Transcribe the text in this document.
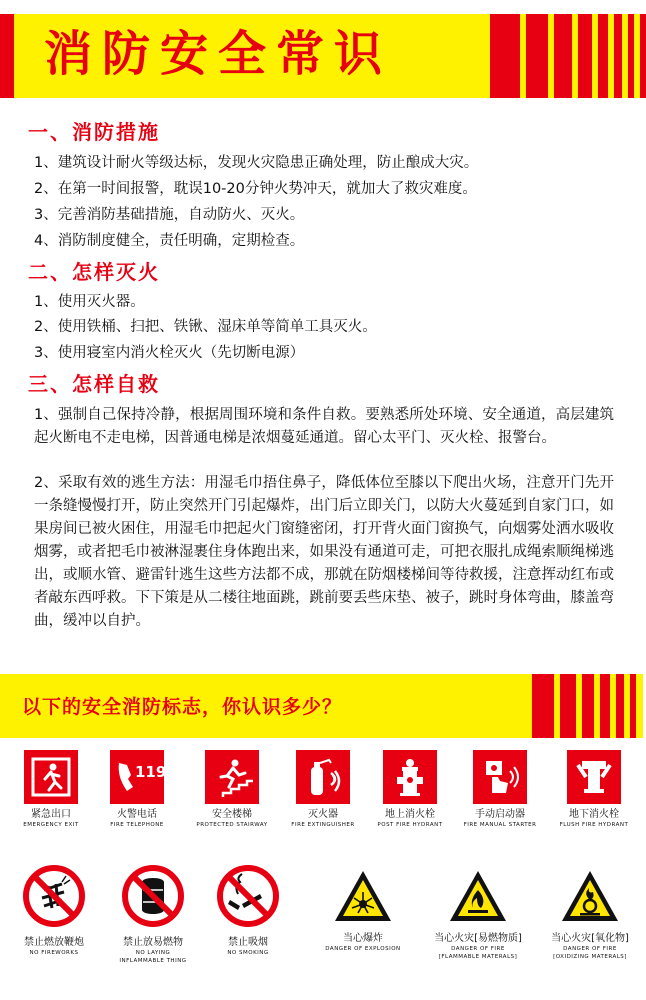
消防安全常识
一、消防措施
1、建筑设计耐火等级达标，发现火灾隐患正确处理，防止酿成大灾。
2、在第一时间报警，耽误10-20分钟火势冲天，就加大了救灾难度。
3、完善消防基础措施，自动防火、灭火。
4、消防制度健全，责任明确，定期检查。
二、怎样灭火
1、使用灭火器。
2、使用铁桶、扫把、铁锹、湿床单等简单工具灭火。
3、使用寝室内消火栓灭火（先切断电源）
三、怎样自救
1、强制自己保持冷静，根据周围环境和条件自救。要熟悉所处环境、安全通道，高层建筑起火断电不走电梯，因普通电梯是浓烟蔓延通道。留心太平门、灭火栓、报警台。
2、采取有效的逃生方法：用湿毛巾捂住鼻子，降低体位至膝以下爬出火场，注意开门先开一条缝慢慢打开，防止突然开门引起爆炸，出门后立即关门，以防大火蔓延到自家门口，如果房间已被火困住，用湿毛巾把起火门窗缝密闭，打开背火面门窗换气，向烟雾处洒水吸收烟雾，或者把毛巾被淋湿裹住身体跑出来，如果没有通道可走，可把衣服扎成绳索顺绳梯逃出，或顺水管、避雷针逃生这些方法都不成，那就在防烟楼梯间等待救援，注意挥动红布或者敲东西呼救。下下策是从二楼往地面跳，跳前要丢些床垫、被子，跳时身体弯曲，膝盖弯曲，缓冲以自护。
以下的安全消防标志，你认识多少？
紧急出口
EMERGENCY EXIT
119
火警电话
FIRE TELEPHONE
安全楼梯
PROTECTED STAIRWAY
灭火器
FIRE EXTINGUISHER
地上消火栓
POST FIRE HYDRANT
手动启动器
FIRE MANUAL STARTER
地下消火栓
FLUSH FIRE HYDRANT
禁止燃放鞭炮
NO FIREWORKS
禁止放易燃物
NO LAYING
INFLAMMABLE THING
禁止吸烟
NO SMOKING
当心爆炸
DANGER OF EXPLOSION
当心火灾[易燃物质]
DANGER OF FIRE
[FLAMMABLE MATERALS]
当心火灾[氧化物]
DANGER OF FIRE
[OXIDIZING MATERALS]
